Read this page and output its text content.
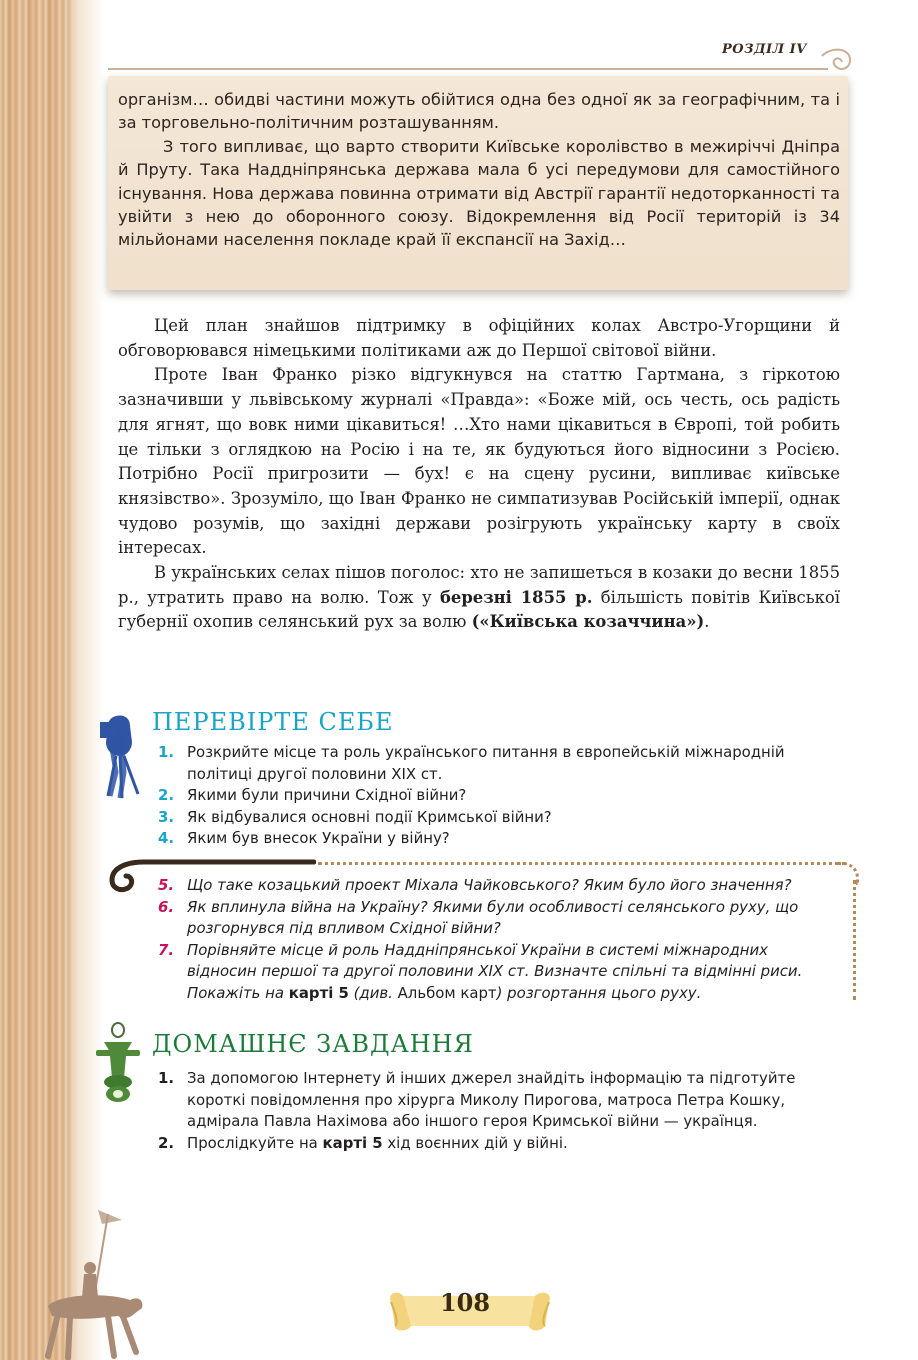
РОЗДІЛ IV

організм… обидві частини можуть обійтися одна без одної як за географічним, та і за торговельно-політичним розташуванням.

З того випливає, що варто створити Київське королівство в межиріччі Дніпра й Пруту. Така Наддніпрянська держава мала б усі передумови для самостійного існування. Нова держава повинна отримати від Австрії гарантії недоторканності та увійти з нею до оборонного союзу. Відокремлення від Росії територій із 34 мільйонами населення покладе край її експансії на Захід…

Цей план знайшов підтримку в офіційних колах Австро-Угорщини й обговорювався німецькими політиками аж до Першої світової війни.

Проте Іван Франко різко відгукнувся на статтю Гартмана, з гіркотою зазначивши у львівському журналі «Правда»: «Боже мій, ось честь, ось радість для ягнят, що вовк ними цікавиться! …Хто нами цікавиться в Європі, той робить це тільки з оглядкою на Росію і на те, як будуються його відносини з Росією. Потрібно Росії пригрозити — бух! є на сцену русини, випливає київське князівство». Зрозуміло, що Іван Франко не симпатизував Російській імперії, однак чудово розумів, що західні держави розігрують українську карту в своїх інтересах.

В українських селах пішов поголос: хто не запишеться в козаки до весни 1855 р., утратить право на волю. Тож у березні 1855 р. більшість повітів Київської губернії охопив селянський рух за волю («Київська козаччина»).

ПЕРЕВІРТЕ СЕБЕ
1. Розкрийте місце та роль українського питання в європейській міжнародній політиці другої половини XIX ст.
2. Якими були причини Східної війни?
3. Як відбувалися основні події Кримської війни?
4. Яким був внесок України у війну?
5. Що таке козацький проект Міхала Чайковського? Яким було його значення?
6. Як вплинула війна на Україну? Якими були особливості селянського руху, що розгорнувся під впливом Східної війни?
7. Порівняйте місце й роль Наддніпрянської України в системі міжнародних відносин першої та другої половини XIX ст. Визначте спільні та відмінні риси. Покажіть на карті 5 (див. Альбом карт) розгортання цього руху.
ДОМАШНЄ ЗАВДАННЯ
1. За допомогою Інтернету й інших джерел знайдіть інформацію та підготуйте короткі повідомлення про хірурга Миколу Пирогова, матроса Петра Кошку, адмірала Павла Нахімова або іншого героя Кримської війни — українця.
2. Прослідкуйте на карті 5 хід воєнних дій у війні.
108
